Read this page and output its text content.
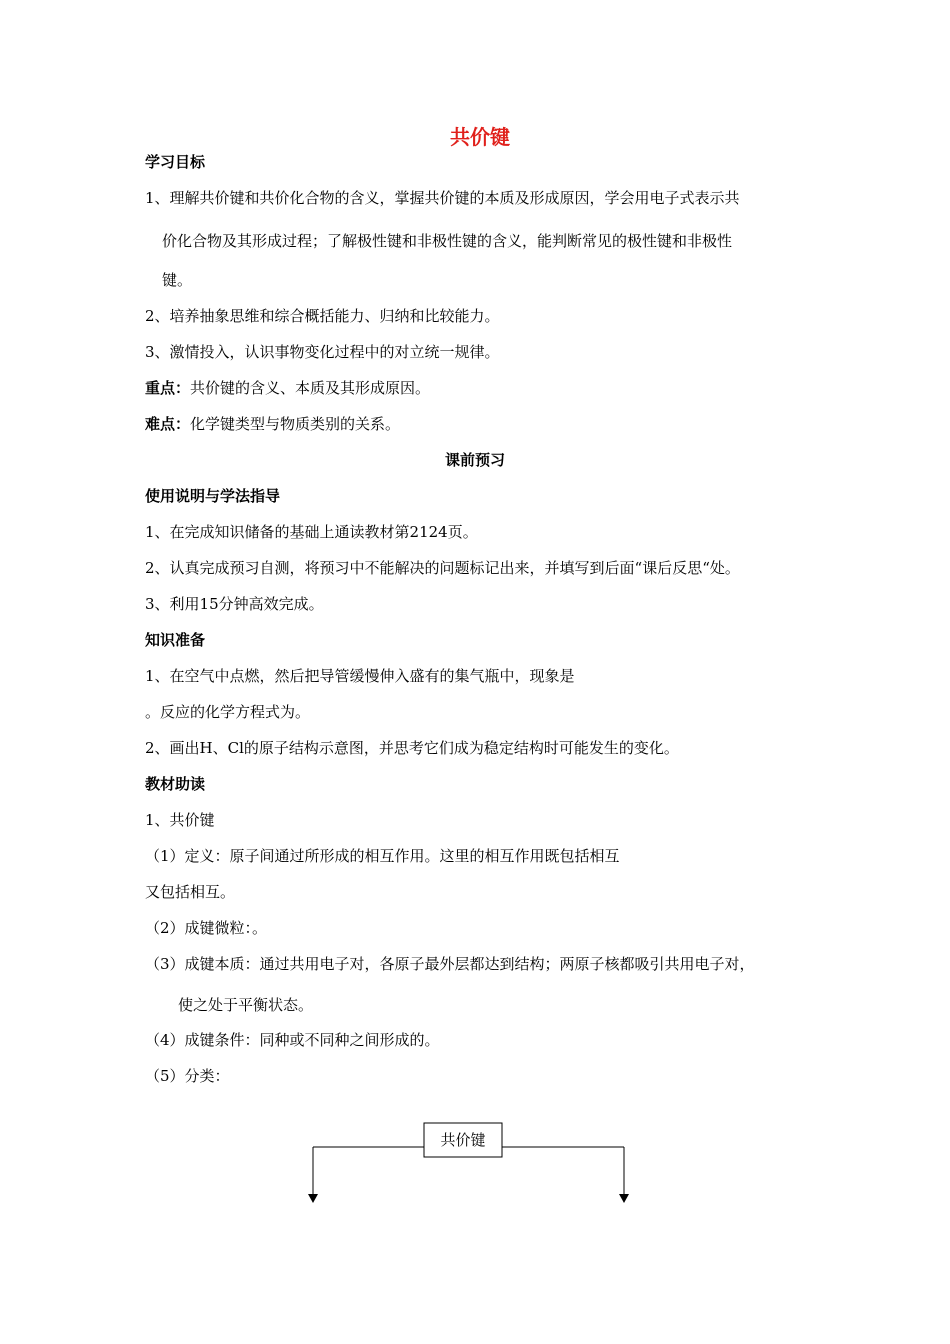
共价键
学习目标
1、理解共价键和共价化合物的含义，掌握共价键的本质及形成原因，学会用电子式表示共
价化合物及其形成过程；了解极性键和非极性键的含义，能判断常见的极性键和非极性
键。
2、培养抽象思维和综合概括能力、归纳和比较能力。
3、激情投入，认识事物变化过程中的对立统一规律。
重点：共价键的含义、本质及其形成原因。
难点：化学键类型与物质类别的关系。
课前预习
使用说明与学法指导
1、在完成知识储备的基础上通读教材第2124页。
2、认真完成预习自测，将预习中不能解决的问题标记出来，并填写到后面“课后反思“处。
3、利用15分钟高效完成。
知识准备
1、在空气中点燃，然后把导管缓慢伸入盛有的集气瓶中，现象是
。反应的化学方程式为。
2、画出H、Cl的原子结构示意图，并思考它们成为稳定结构时可能发生的变化。
教材助读
1、共价键
（1）定义：原子间通过所形成的相互作用。这里的相互作用既包括相互
又包括相互。
（2）成键微粒：。
（3）成键本质：通过共用电子对，各原子最外层都达到结构；两原子核都吸引共用电子对，
使之处于平衡状态。
（4）成键条件：同种或不同种之间形成的。
（5）分类：
共价键
